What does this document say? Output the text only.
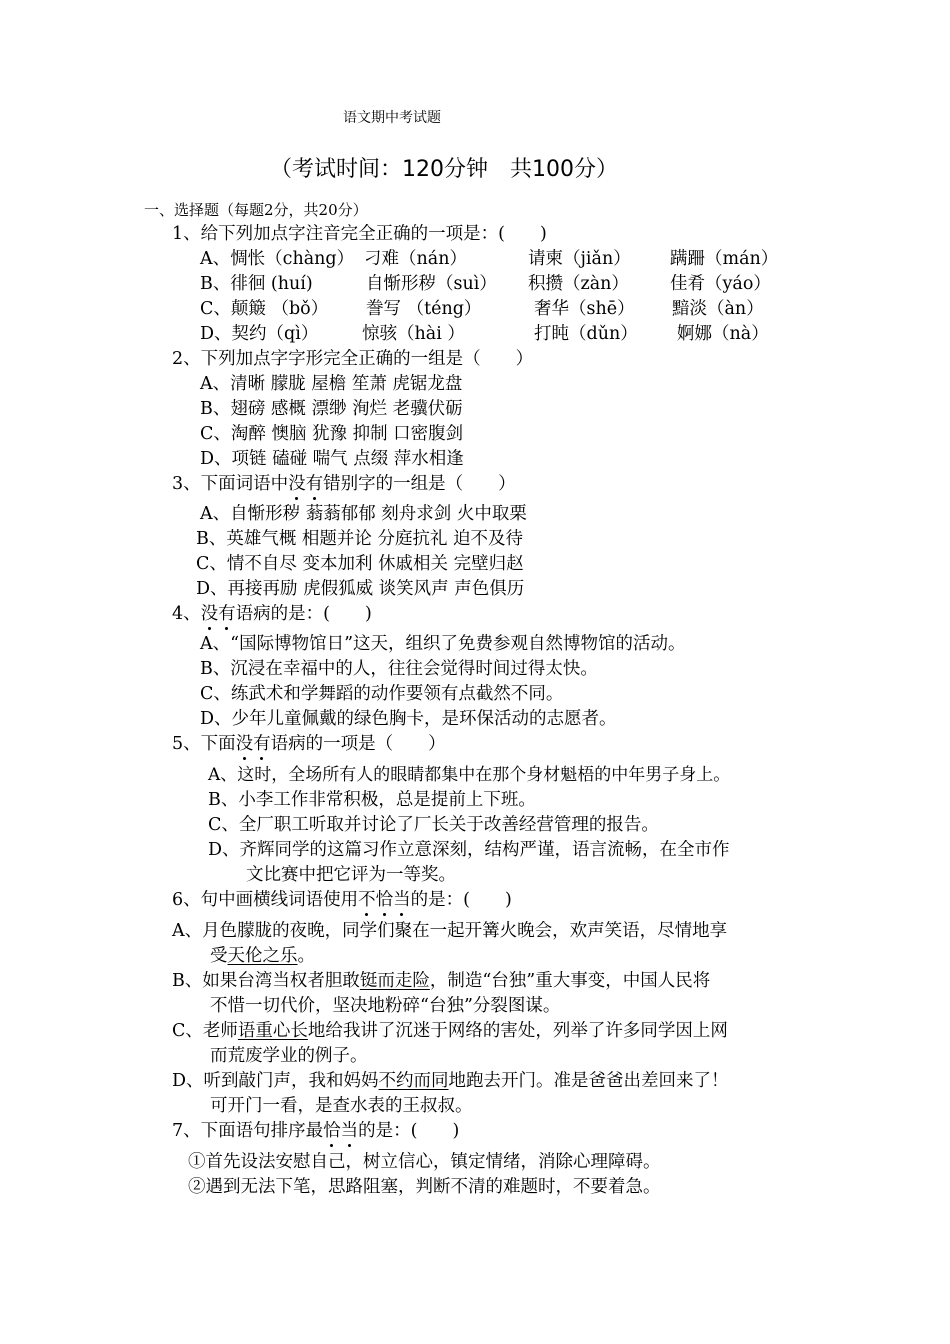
语文期中考试题
（考试时间：120分钟　共100分）
一、选择题（每题2分，共20分）
1、给下列加点字注音完全正确的一项是：(　　)
A、惆怅（chàng） 刁难（nán）	请柬（jiǎn） 蹒跚（mán）
B、徘徊 (huí)	自惭形秽（suì） 积攒（zàn） 佳肴（yáo）
C、颠簸 （bǒ） 誊写 （téng）	奢华（shē） 黯淡（àn）
D、契约（qì） 惊骇（hài ）	打盹（dǔn） 婀娜（nà）
2、下列加点字字形完全正确的一组是（　　）
A、清晰 朦胧 屋檐 笙萧 虎锯龙盘
B、翅磅 感概 漂缈 洵烂 老骥伏砺
C、淘醉 懊脑 犹豫 抑制 口密腹剑
D、项链 磕碰 喘气 点缀 萍水相逢
3、下面词语中没有错别字的一组是（　　）
A、自惭形秽 蓊蓊郁郁 刻舟求剑 火中取栗
B、英雄气概 相题并论 分庭抗礼 迫不及待
C、情不自尽 变本加利 休戚相关 完壁归赵
D、再接再励 虎假狐威 谈笑风声 声色俱历
4、没有语病的是：(　　)
A、“国际博物馆日”这天，组织了免费参观自然博物馆的活动。
B、沉浸在幸福中的人，往往会觉得时间过得太快。
C、练武术和学舞蹈的动作要领有点截然不同。
D、少年儿童佩戴的绿色胸卡，是环保活动的志愿者。
5、下面没有语病的一项是（　　）
A、这时，全场所有人的眼睛都集中在那个身材魁梧的中年男子身上。
B、小李工作非常积极，总是提前上下班。
C、全厂职工听取并讨论了厂长关于改善经营管理的报告。
D、齐辉同学的这篇习作立意深刻，结构严谨，语言流畅，在全市作
文比赛中把它评为一等奖。
6、句中画横线词语使用不恰当的是：(　　)
A、月色朦胧的夜晚，同学们聚在一起开篝火晚会，欢声笑语，尽情地享
受天伦之乐。
B、如果台湾当权者胆敢铤而走险，制造“台独”重大事变，中国人民将
不惜一切代价，坚决地粉碎“台独”分裂图谋。
C、老师语重心长地给我讲了沉迷于网络的害处，列举了许多同学因上网
而荒废学业的例子。
D、听到敲门声，我和妈妈不约而同地跑去开门。准是爸爸出差回来了！
可开门一看，是查水表的王叔叔。
7、下面语句排序最恰当的是：(　　)
①首先设法安慰自己，树立信心，镇定情绪，消除心理障碍。
②遇到无法下笔，思路阻塞，判断不清的难题时，不要着急。
